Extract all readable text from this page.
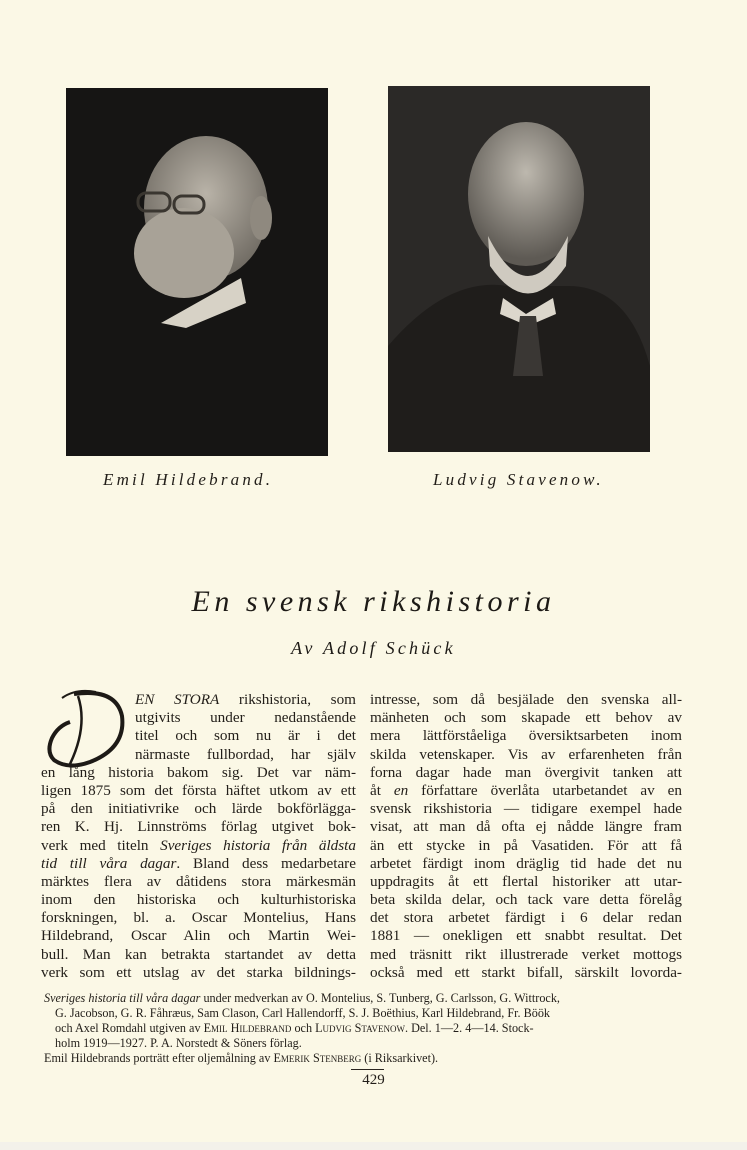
Emil Hildebrand.	Ludvig Stavenow.
En svensk rikshistoria
Av Adolf Schück
EN STORA rikshistoria, som
utgivits under nedanstående
titel och som nu är i det
närmaste fullbordad, har själv
en lång historia bakom sig. Det var näm-
ligen 1875 som det första häftet utkom av ett
på den initiativrike och lärde bokförlägga-
ren K. Hj. Linnströms förlag utgivet bok-
verk med titeln Sveriges historia från äldsta
tid till våra dagar. Bland dess medarbetare
märktes flera av dåtidens stora märkesmän
inom den historiska och kulturhistoriska
forskningen, bl. a. Oscar Montelius, Hans
Hildebrand, Oscar Alin och Martin Wei-
bull. Man kan betrakta startandet av detta
verk som ett utslag av det starka bildnings-
intresse, som då besjälade den svenska all-
mänheten och som skapade ett behov av
mera lättförståeliga översiktsarbeten inom
skilda vetenskaper. Vis av erfarenheten från
forna dagar hade man övergivit tanken att
åt en författare överlåta utarbetandet av en
svensk rikshistoria — tidigare exempel hade
visat, att man då ofta ej nådde längre fram
än ett stycke in på Vasatiden. För att få
arbetet färdigt inom dräglig tid hade det nu
uppdragits åt ett flertal historiker att utar-
beta skilda delar, och tack vare detta förelåg
det stora arbetet färdigt i 6 delar redan
1881 — onekligen ett snabbt resultat. Det
med träsnitt rikt illustrerade verket mottogs
också med ett starkt bifall, särskilt lovorda-
Sveriges historia till våra dagar under medverkan av O. Montelius, S. Tunberg, G. Carlsson, G. Wittrock,
G. Jacobson, G. R. Fåhræus, Sam Clason, Carl Hallendorff, S. J. Boëthius, Karl Hildebrand, Fr. Böök
och Axel Romdahl utgiven av Emil Hildebrand och Ludvig Stavenow. Del. 1—2. 4—14. Stock-
holm 1919—1927. P. A. Norstedt & Söners förlag.
Emil Hildebrands porträtt efter oljemålning av Emerik Stenberg (i Riksarkivet).
429
